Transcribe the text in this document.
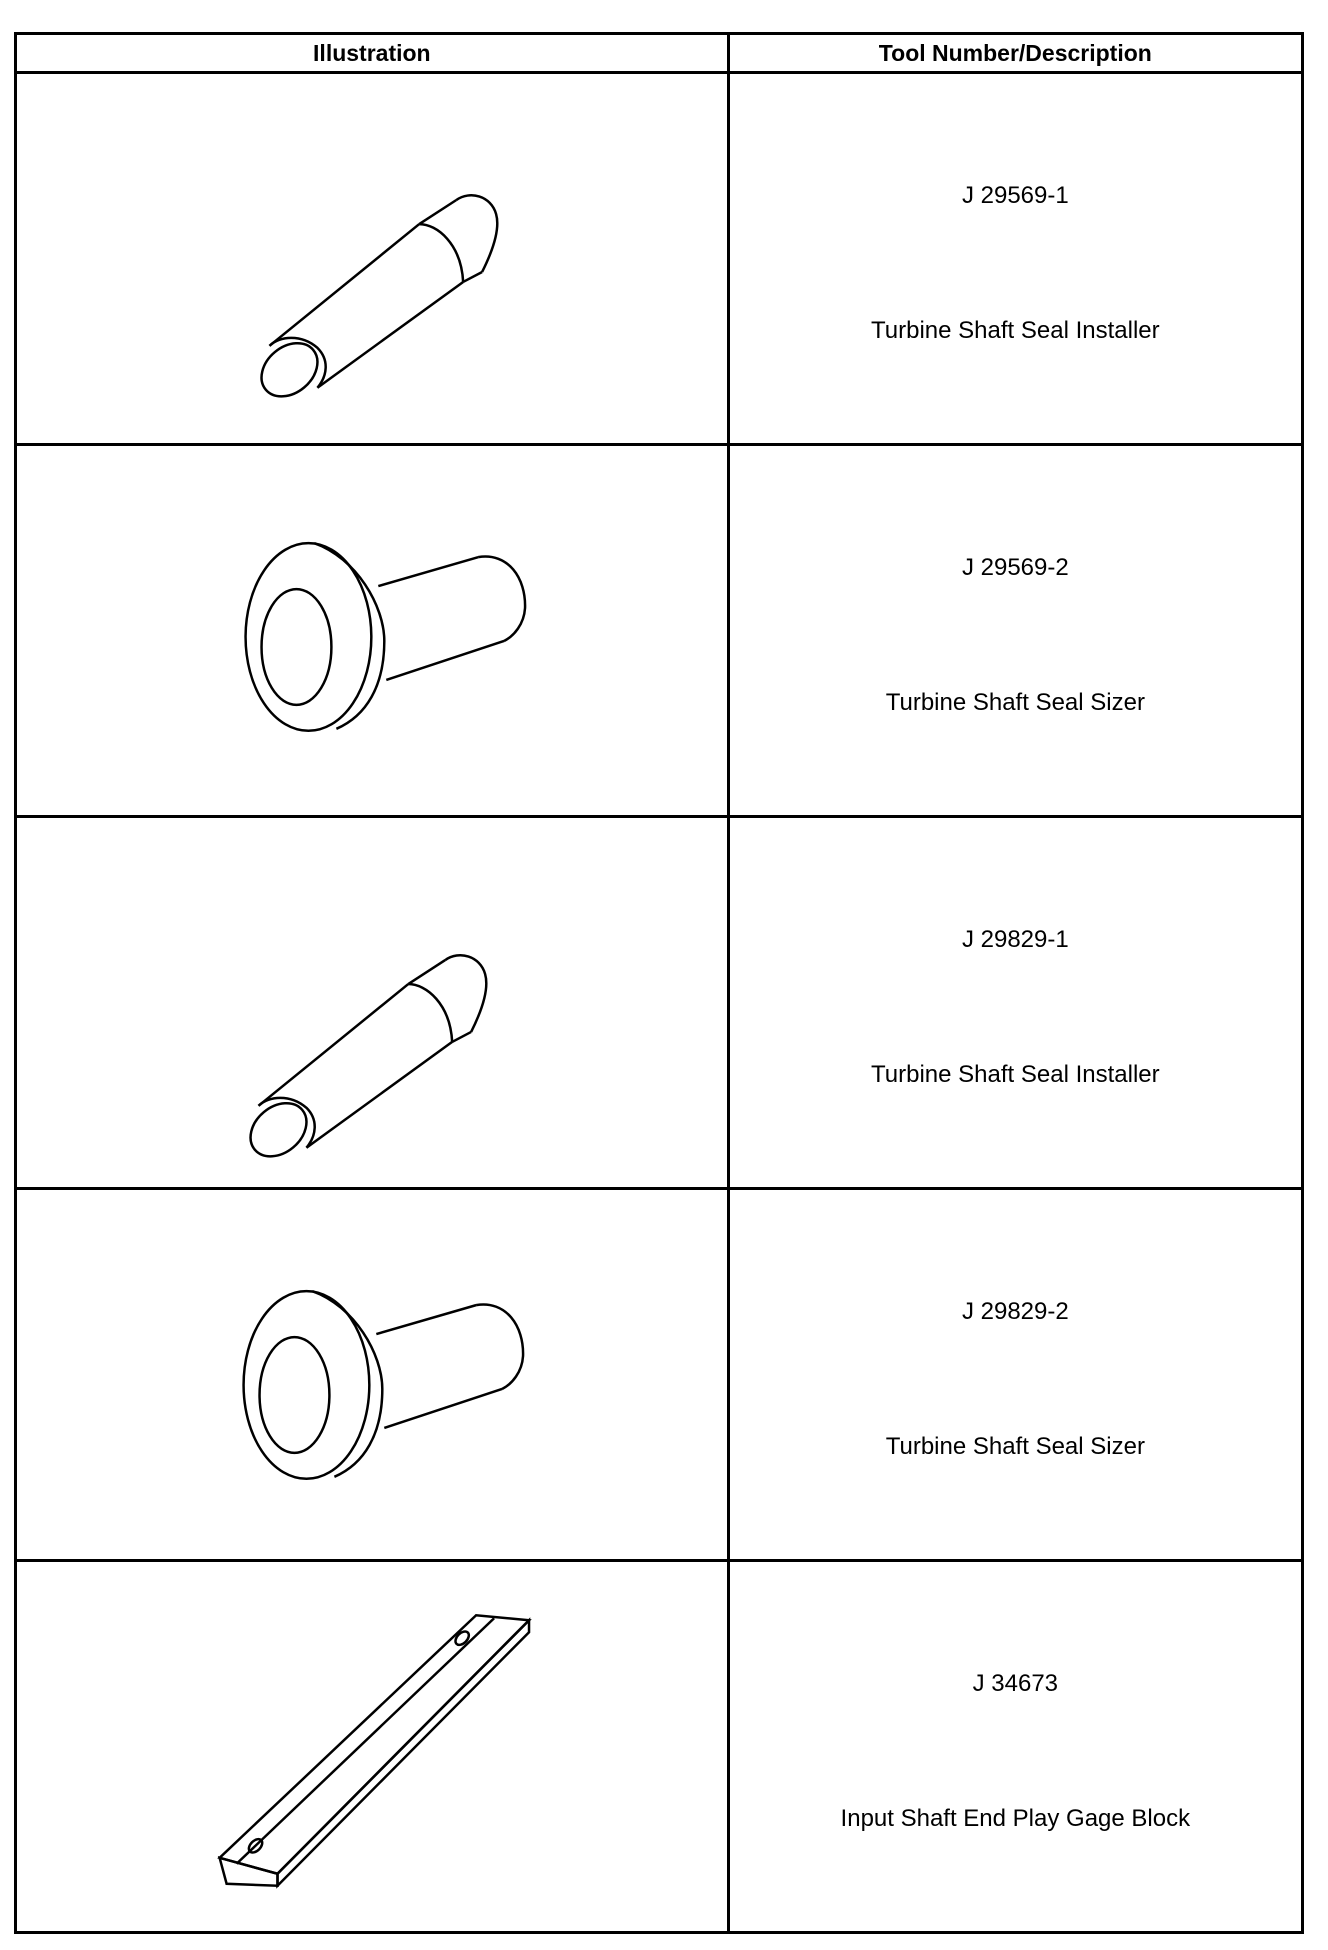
Illustration	Tool Number/Description

J 29569-1
Turbine Shaft Seal Installer

J 29569-2
Turbine Shaft Seal Sizer

J 29829-1
Turbine Shaft Seal Installer

J 29829-2
Turbine Shaft Seal Sizer

J 34673
Input Shaft End Play Gage Block
